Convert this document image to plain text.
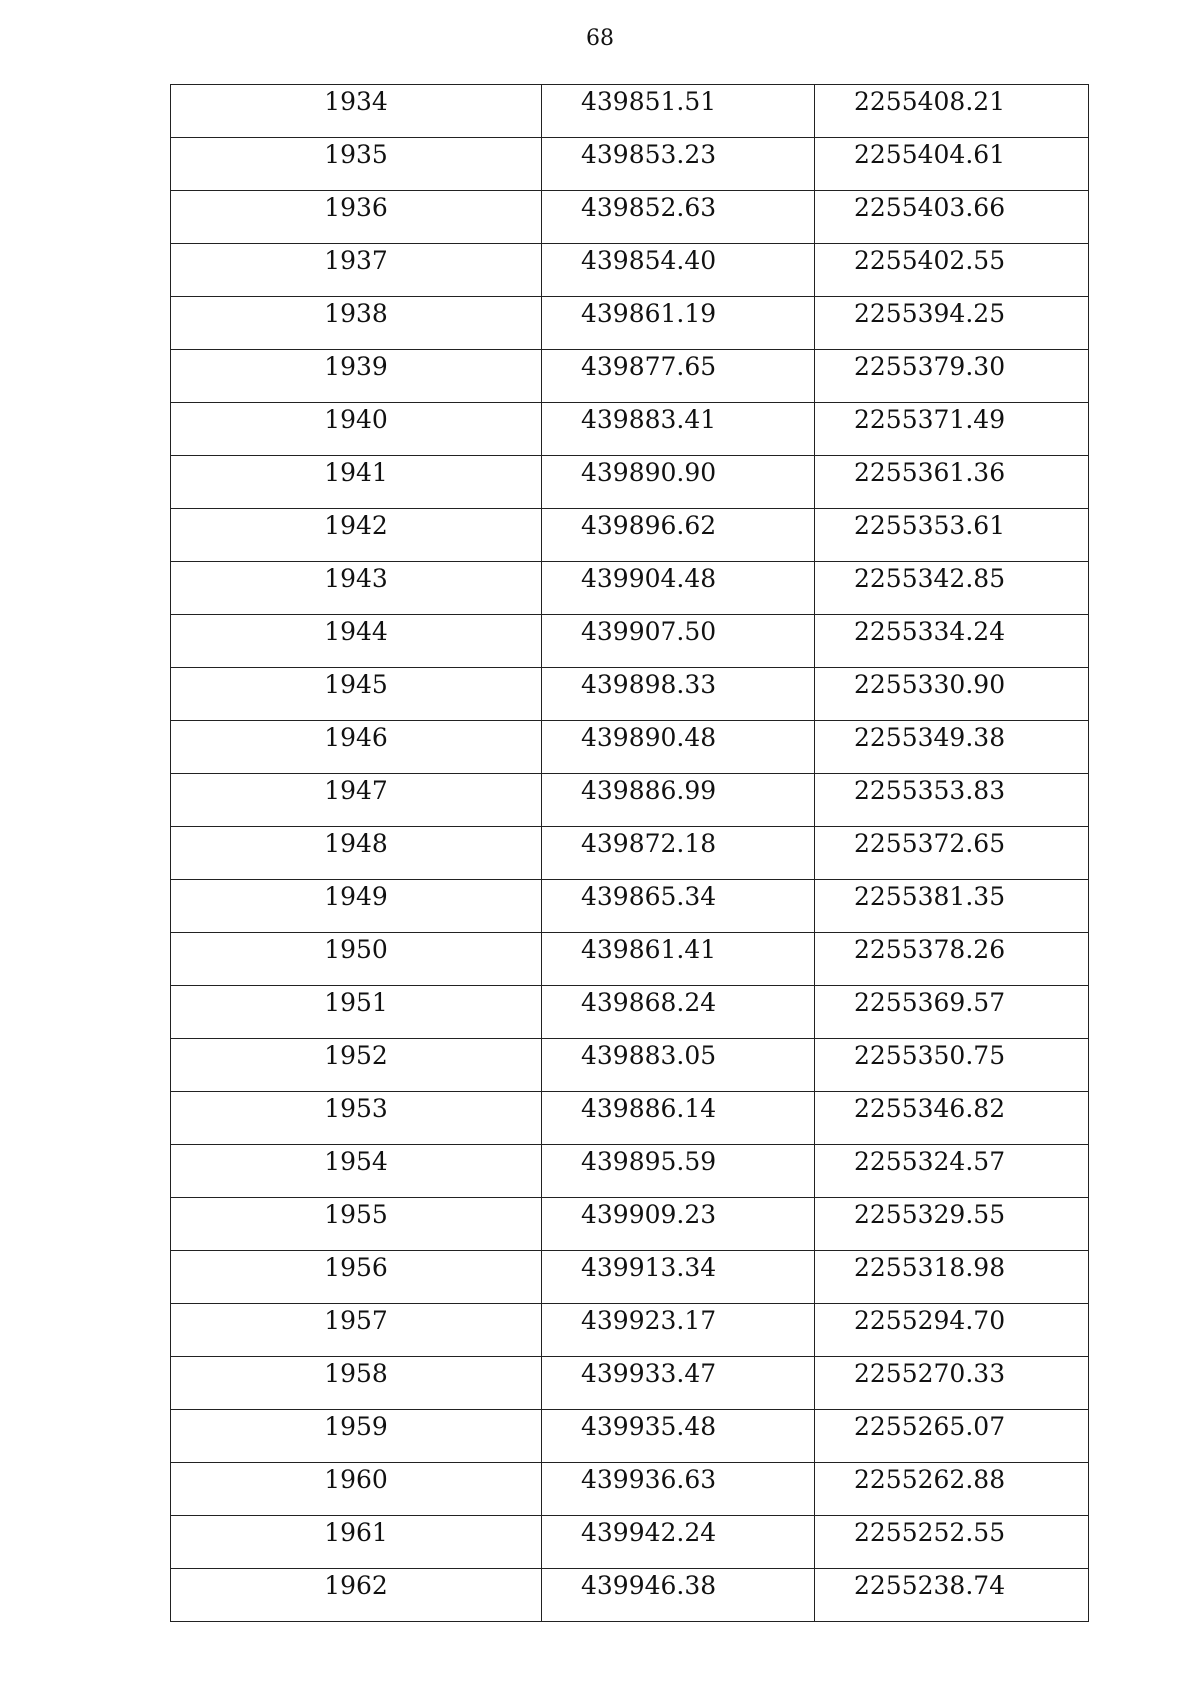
68
1934	439851.51	2255408.21
1935	439853.23	2255404.61
1936	439852.63	2255403.66
1937	439854.40	2255402.55
1938	439861.19	2255394.25
1939	439877.65	2255379.30
1940	439883.41	2255371.49
1941	439890.90	2255361.36
1942	439896.62	2255353.61
1943	439904.48	2255342.85
1944	439907.50	2255334.24
1945	439898.33	2255330.90
1946	439890.48	2255349.38
1947	439886.99	2255353.83
1948	439872.18	2255372.65
1949	439865.34	2255381.35
1950	439861.41	2255378.26
1951	439868.24	2255369.57
1952	439883.05	2255350.75
1953	439886.14	2255346.82
1954	439895.59	2255324.57
1955	439909.23	2255329.55
1956	439913.34	2255318.98
1957	439923.17	2255294.70
1958	439933.47	2255270.33
1959	439935.48	2255265.07
1960	439936.63	2255262.88
1961	439942.24	2255252.55
1962	439946.38	2255238.74
